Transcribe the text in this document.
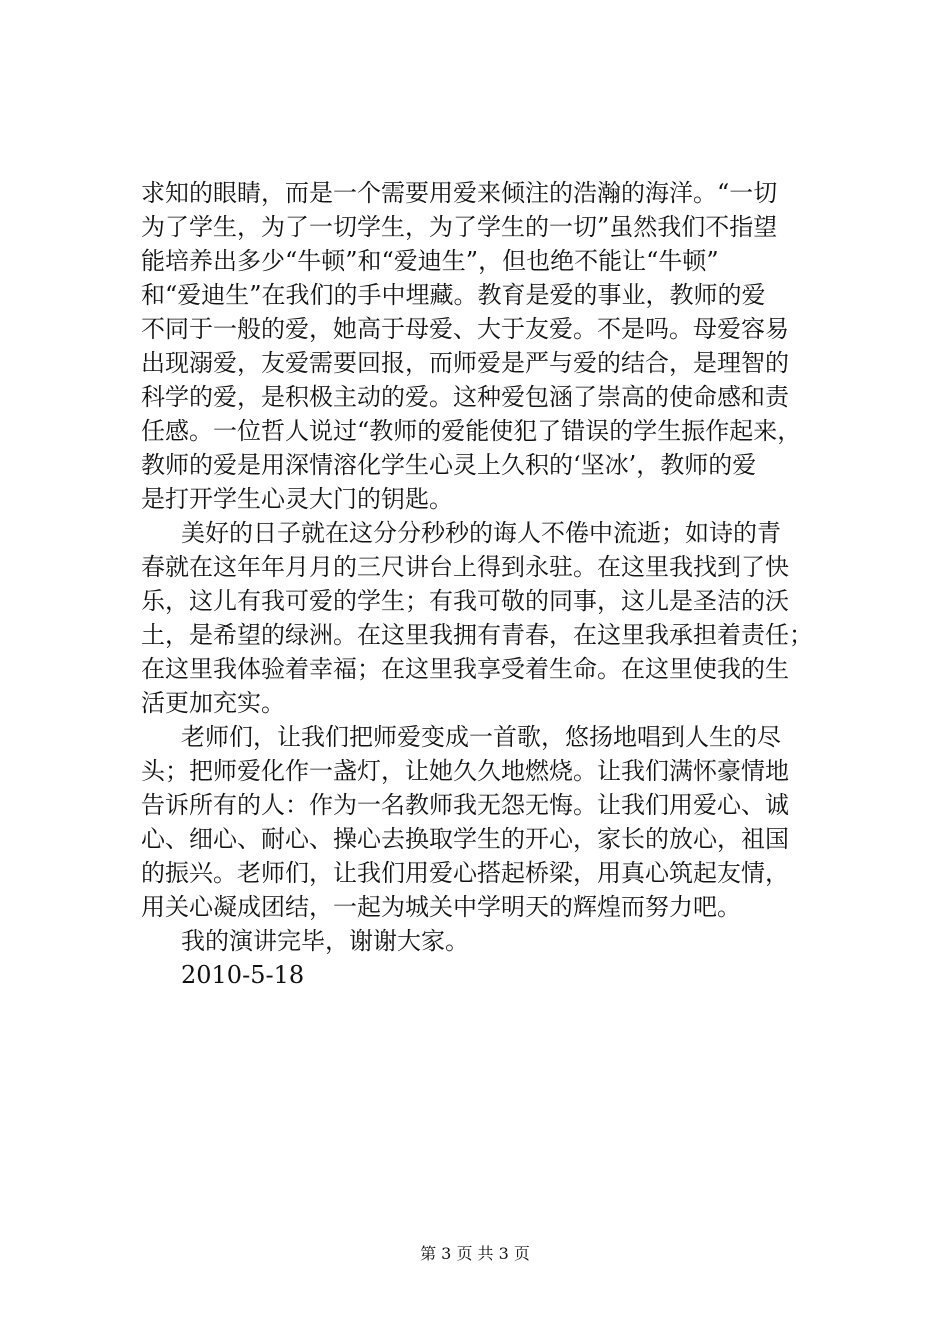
求知的眼睛，而是一个需要用爱来倾注的浩瀚的海洋。“一切
为了学生，为了一切学生，为了学生的一切”虽然我们不指望
能培养出多少“牛顿”和“爱迪生”，但也绝不能让“牛顿”
和“爱迪生”在我们的手中埋藏。教育是爱的事业，教师的爱
不同于一般的爱，她高于母爱、大于友爱。不是吗。母爱容易
出现溺爱，友爱需要回报，而师爱是严与爱的结合，是理智的
科学的爱，是积极主动的爱。这种爱包涵了崇高的使命感和责
任感。一位哲人说过“教师的爱能使犯了错误的学生振作起来，
教师的爱是用深情溶化学生心灵上久积的‘坚冰’，教师的爱
是打开学生心灵大门的钥匙。
美好的日子就在这分分秒秒的诲人不倦中流逝；如诗的青
春就在这年年月月的三尺讲台上得到永驻。在这里我找到了快
乐，这儿有我可爱的学生；有我可敬的同事，这儿是圣洁的沃
土，是希望的绿洲。在这里我拥有青春，在这里我承担着责任；
在这里我体验着幸福；在这里我享受着生命。在这里使我的生
活更加充实。
老师们，让我们把师爱变成一首歌，悠扬地唱到人生的尽
头；把师爱化作一盏灯，让她久久地燃烧。让我们满怀豪情地
告诉所有的人：作为一名教师我无怨无悔。让我们用爱心、诚
心、细心、耐心、操心去换取学生的开心，家长的放心，祖国
的振兴。老师们，让我们用爱心搭起桥梁，用真心筑起友情，
用关心凝成团结，一起为城关中学明天的辉煌而努力吧。
我的演讲完毕，谢谢大家。
2010-5-18
第 3 页 共 3 页
